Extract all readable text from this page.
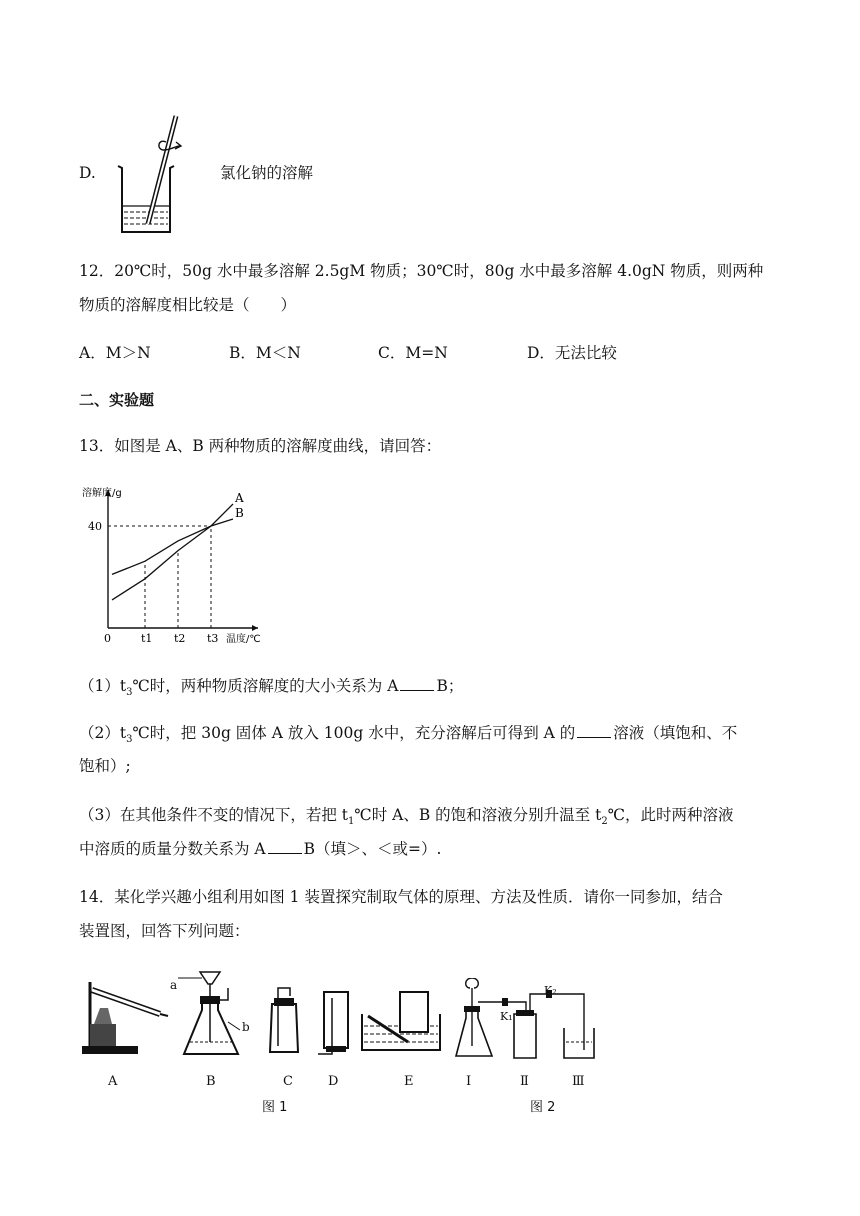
D.	氯化钠的溶解
12．20℃时，50g 水中最多溶解 2.5gM 物质；30℃时，80g 水中最多溶解 4.0gN 物质，则两种
物质的溶解度相比较是（　　）
A．M＞N	B．M＜N	C．M=N	D．无法比较
二、实验题
13．如图是 A、B 两种物质的溶解度曲线，请回答：
A
B
0	t1 t2 t3
40
温度/℃
溶解度/g
$(1)t_3℃$时，两种物质溶解度的大小关系为 A B；
$(2)t_3℃$时，把 30g 固体 A 放入 100g 水中，充分溶解后可得到 A 的 溶液（填饱和、不
饱和）;
（3）在其他条件不变的情况下，若把 $t_1℃$时 A、B 的饱和溶液分别升温至 $t_2℃$，此时两种溶液
中溶质的质量分数关系为 A B（填＞、＜或=）.
14．某化学兴趣小组利用如图 1 装置探究制取气体的原理、方法及性质．请你一同参加，结合
装置图，回答下列问题：
A	B	C	D	E
a
b
图 1
Ⅰ	Ⅱ	Ⅲ
K₁
K₂
图 2
